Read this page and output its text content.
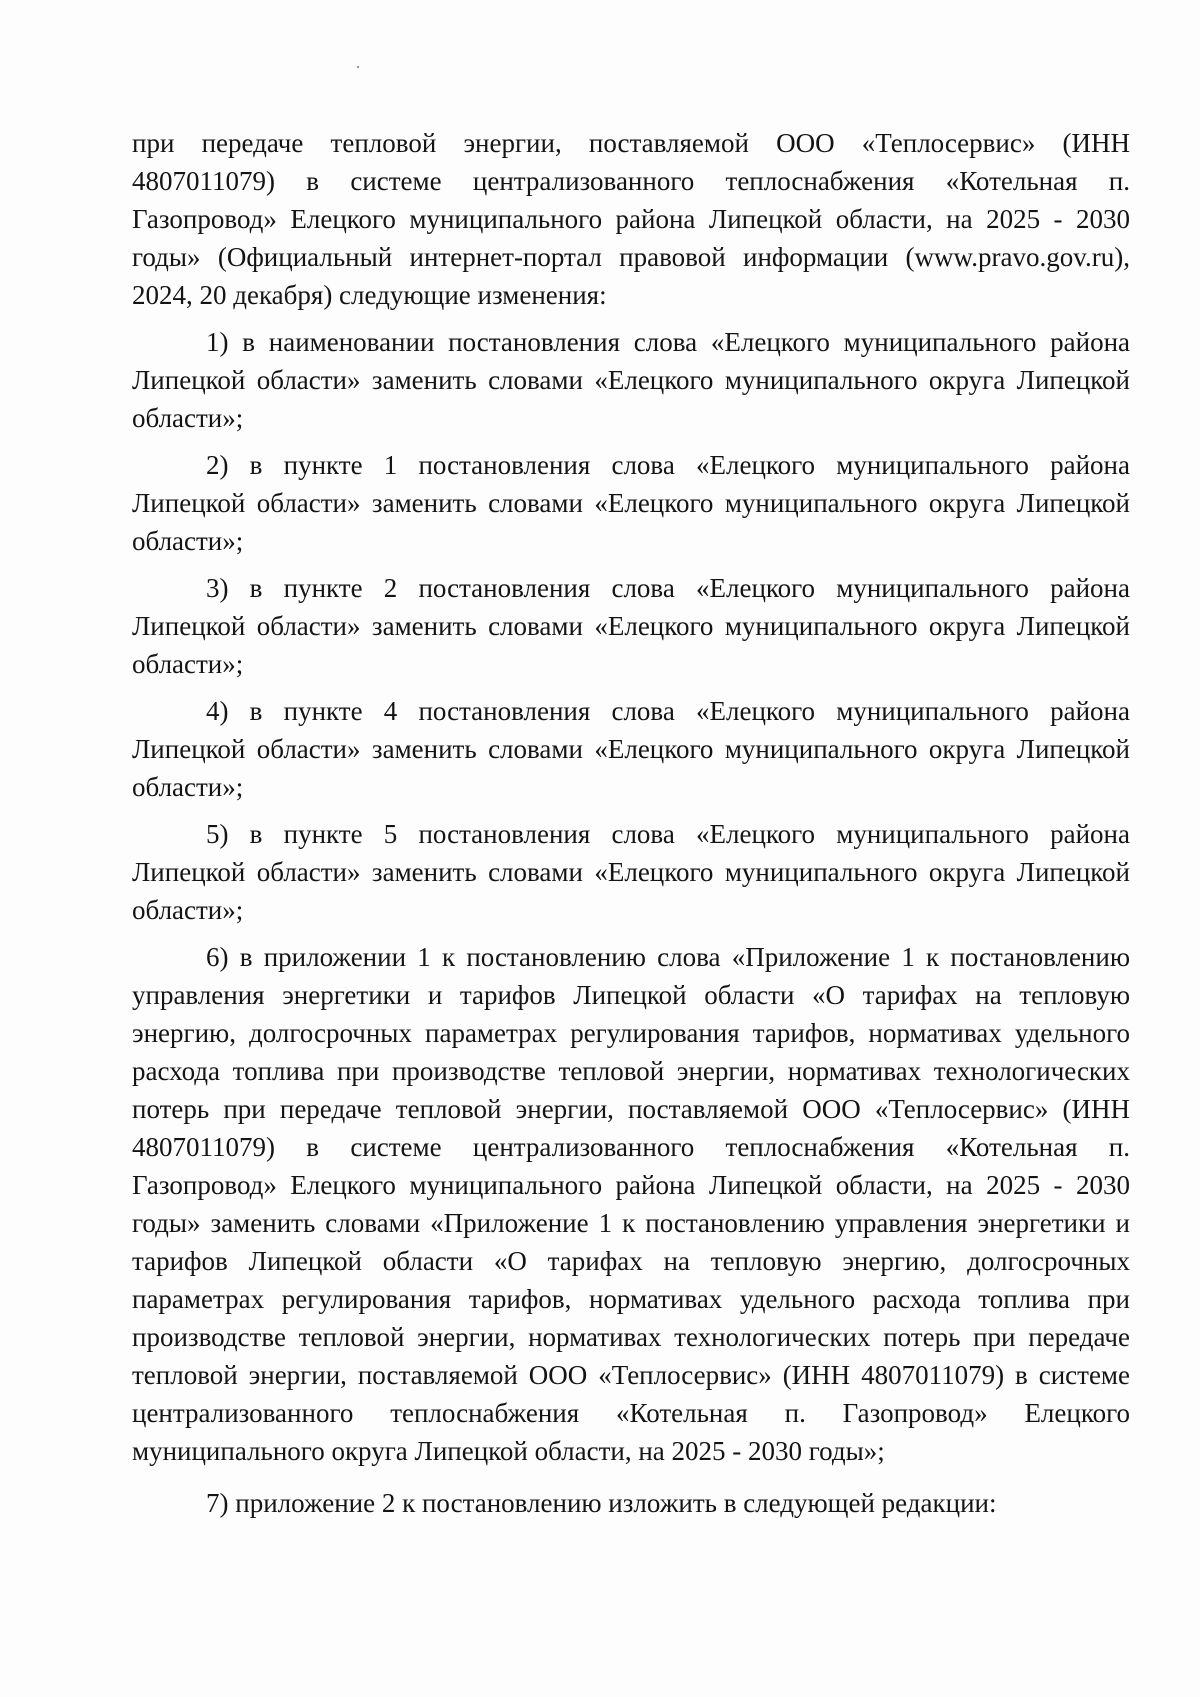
при передаче тепловой энергии, поставляемой ООО «Теплосервис» (ИНН 4807011079) в системе централизованного теплоснабжения «Котельная п. Газопровод» Елецкого муниципального района Липецкой области, на 2025 - 2030 годы» (Официальный интернет-портал правовой информации (www.pravo.gov.ru), 2024, 20 декабря) следующие изменения:

1) в наименовании постановления слова «Елецкого муниципального района Липецкой области» заменить словами «Елецкого муниципального округа Липецкой области»;

2) в пункте 1 постановления слова «Елецкого муниципального района Липецкой области» заменить словами «Елецкого муниципального округа Липецкой области»;

3) в пункте 2 постановления слова «Елецкого муниципального района Липецкой области» заменить словами «Елецкого муниципального округа Липецкой области»;

4) в пункте 4 постановления слова «Елецкого муниципального района Липецкой области» заменить словами «Елецкого муниципального округа Липецкой области»;

5) в пункте 5 постановления слова «Елецкого муниципального района Липецкой области» заменить словами «Елецкого муниципального округа Липецкой области»;

6) в приложении 1 к постановлению слова «Приложение 1 к постановлению управления энергетики и тарифов Липецкой области «О тарифах на тепловую энергию, долгосрочных параметрах регулирования тарифов, нормативах удельного расхода топлива при производстве тепловой энергии, нормативах технологических потерь при передаче тепловой энергии, поставляемой ООО «Теплосервис» (ИНН 4807011079) в системе централизованного теплоснабжения «Котельная п. Газопровод» Елецкого муниципального района Липецкой области, на 2025 - 2030 годы» заменить словами «Приложение 1 к постановлению управления энергетики и тарифов Липецкой области «О тарифах на тепловую энергию, долгосрочных параметрах регулирования тарифов, нормативах удельного расхода топлива при производстве тепловой энергии, нормативах технологических потерь при передаче тепловой энергии, поставляемой ООО «Теплосервис» (ИНН 4807011079) в системе централизованного теплоснабжения «Котельная п. Газопровод» Елецкого муниципального округа Липецкой области, на 2025 - 2030 годы»;

7) приложение 2 к постановлению изложить в следующей редакции:
